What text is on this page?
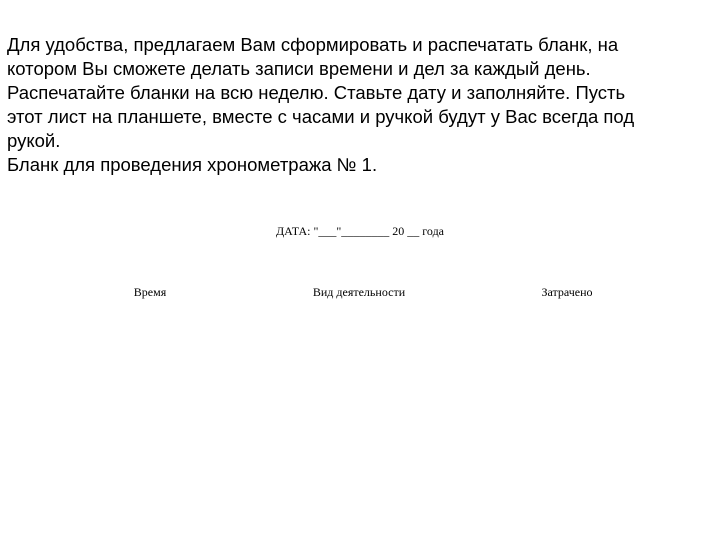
Для удобства, предлагаем Вам сформировать и распечатать бланк, на
котором Вы сможете делать записи времени и дел за каждый день.
Распечатайте бланки на всю неделю. Ставьте дату и заполняйте. Пусть
этот лист на планшете, вместе с часами и ручкой будут у Вас всегда под
рукой.
Бланк для проведения хронометража № 1.
ДАТА: "___"________ 20 __ года
Время	Вид деятельности	Затрачено
